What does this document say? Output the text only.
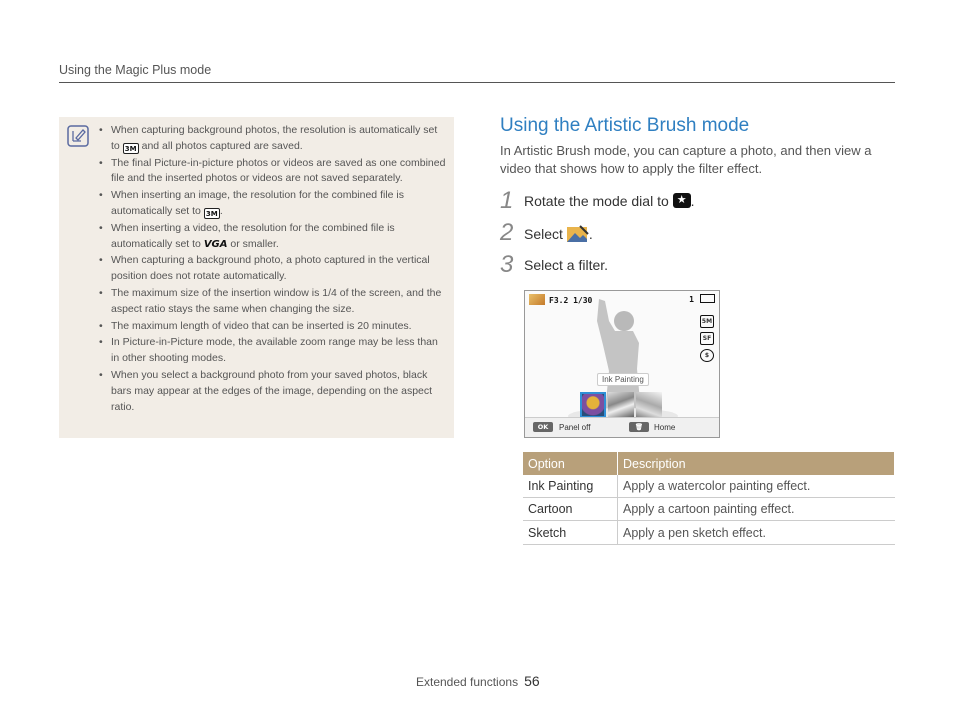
Using the Magic Plus mode
• When capturing background photos, the resolution is automatically set to 3M and all photos captured are saved.
• The final Picture-in-picture photos or videos are saved as one combined file and the inserted photos or videos are not saved separately.
• When inserting an image, the resolution for the combined file is automatically set to 3M .
• When inserting a video, the resolution for the combined file is automatically set to VGA or smaller.
• When capturing a background photo, a photo captured in the vertical position does not rotate automatically.
• The maximum size of the insertion window is 1/4 of the screen, and the aspect ratio stays the same when changing the size.
• The maximum length of video that can be inserted is 20 minutes.
• In Picture-in-Picture mode, the available zoom range may be less than in other shooting modes.
• When you select a background photo from your saved photos, black bars may appear at the edges of the image, depending on the aspect ratio.
Using the Artistic Brush mode
In Artistic Brush mode, you can capture a photo, and then view a video that shows how to apply the filter effect.
1 Rotate the mode dial to ★ .
2 Select .
3 Select a filter.
F3.2 1/30	1
5M
SF
$
Ink Painting
OK	Panel off	🗑	Home
Option	Description
Ink Painting	Apply a watercolor painting effect.
Cartoon	Apply a cartoon painting effect.
Sketch	Apply a pen sketch effect.
Extended functions 56
